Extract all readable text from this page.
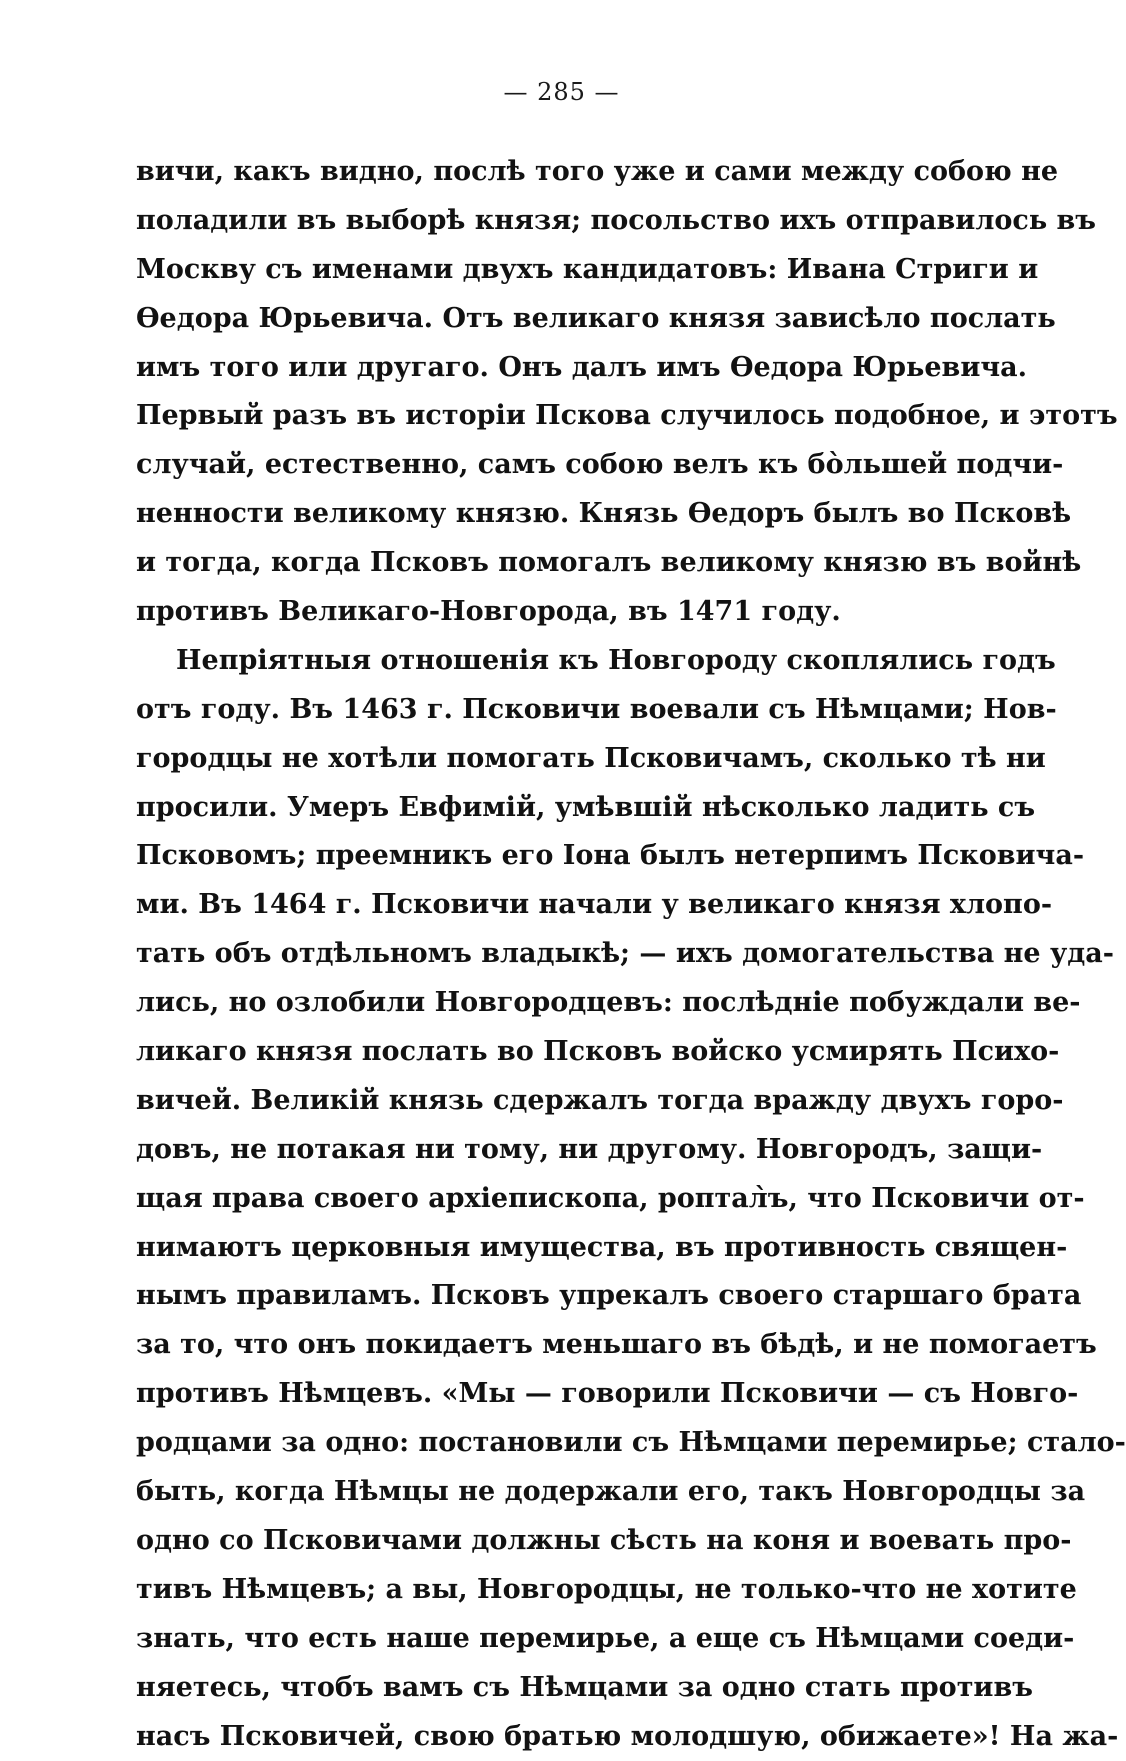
— 285 —
вичи, какъ видно, послѣ того уже и сами между собою не
поладили въ выборѣ князя; посольство ихъ отправилось въ
Москву съ именами двухъ кандидатовъ: Ивана Стриги и
Ѳедора Юрьевича. Отъ великаго князя зависѣло послать
имъ того или другаго. Онъ далъ имъ Ѳедора Юрьевича.
Первый разъ въ исторіи Пскова случилось подобное, и этотъ
случай, естественно, самъ собою велъ къ бо̀льшей подчи-
ненности великому князю. Князь Ѳедоръ былъ во Псковѣ
и тогда, когда Псковъ помогалъ великому князю въ войнѣ
противъ Великаго-Новгорода, въ 1471 году.
Непріятныя отношенія къ Новгороду скоплялись годъ
отъ году. Въ 1463 г. Псковичи воевали съ Нѣмцами; Нов-
городцы не хотѣли помогать Псковичамъ, сколько тѣ ни
просили. Умеръ Евфимій, умѣвшій нѣсколько ладить съ
Псковомъ; преемникъ его Іона былъ нетерпимъ Псковича-
ми. Въ 1464 г. Псковичи начали у великаго князя хлопо-
тать объ отдѣльномъ владыкѣ; — ихъ домогательства не уда-
лись, но озлобили Новгородцевъ: послѣдніе побуждали ве-
ликаго князя послать во Псковъ войско усмирять Психо-
вичей. Великій князь сдержалъ тогда вражду двухъ горо-
довъ, не потакая ни тому, ни другому. Новгородъ, защи-
щая права своего архіепископа, роптал̀ъ, что Псковичи от-
нимаютъ церковныя имущества, въ противность священ-
нымъ правиламъ. Псковъ упрекалъ своего старшаго брата
за то, что онъ покидаетъ меньшаго въ бѣдѣ, и не помогаетъ
противъ Нѣмцевъ. «Мы — говорили Псковичи — съ Новго-
родцами за одно: постановили съ Нѣмцами перемирье; стало-
быть, когда Нѣмцы не додержали его, такъ Новгородцы за
одно со Псковичами должны сѣсть на коня и воевать про-
тивъ Нѣмцевъ; а вы, Новгородцы, не только-что не хотите
знать, что есть наше перемирье, а еще съ Нѣмцами соеди-
няетесь, чтобъ вамъ съ Нѣмцами за одно стать противъ
насъ Псковичей, свою братью молодшую, обижаете»! На жа-
